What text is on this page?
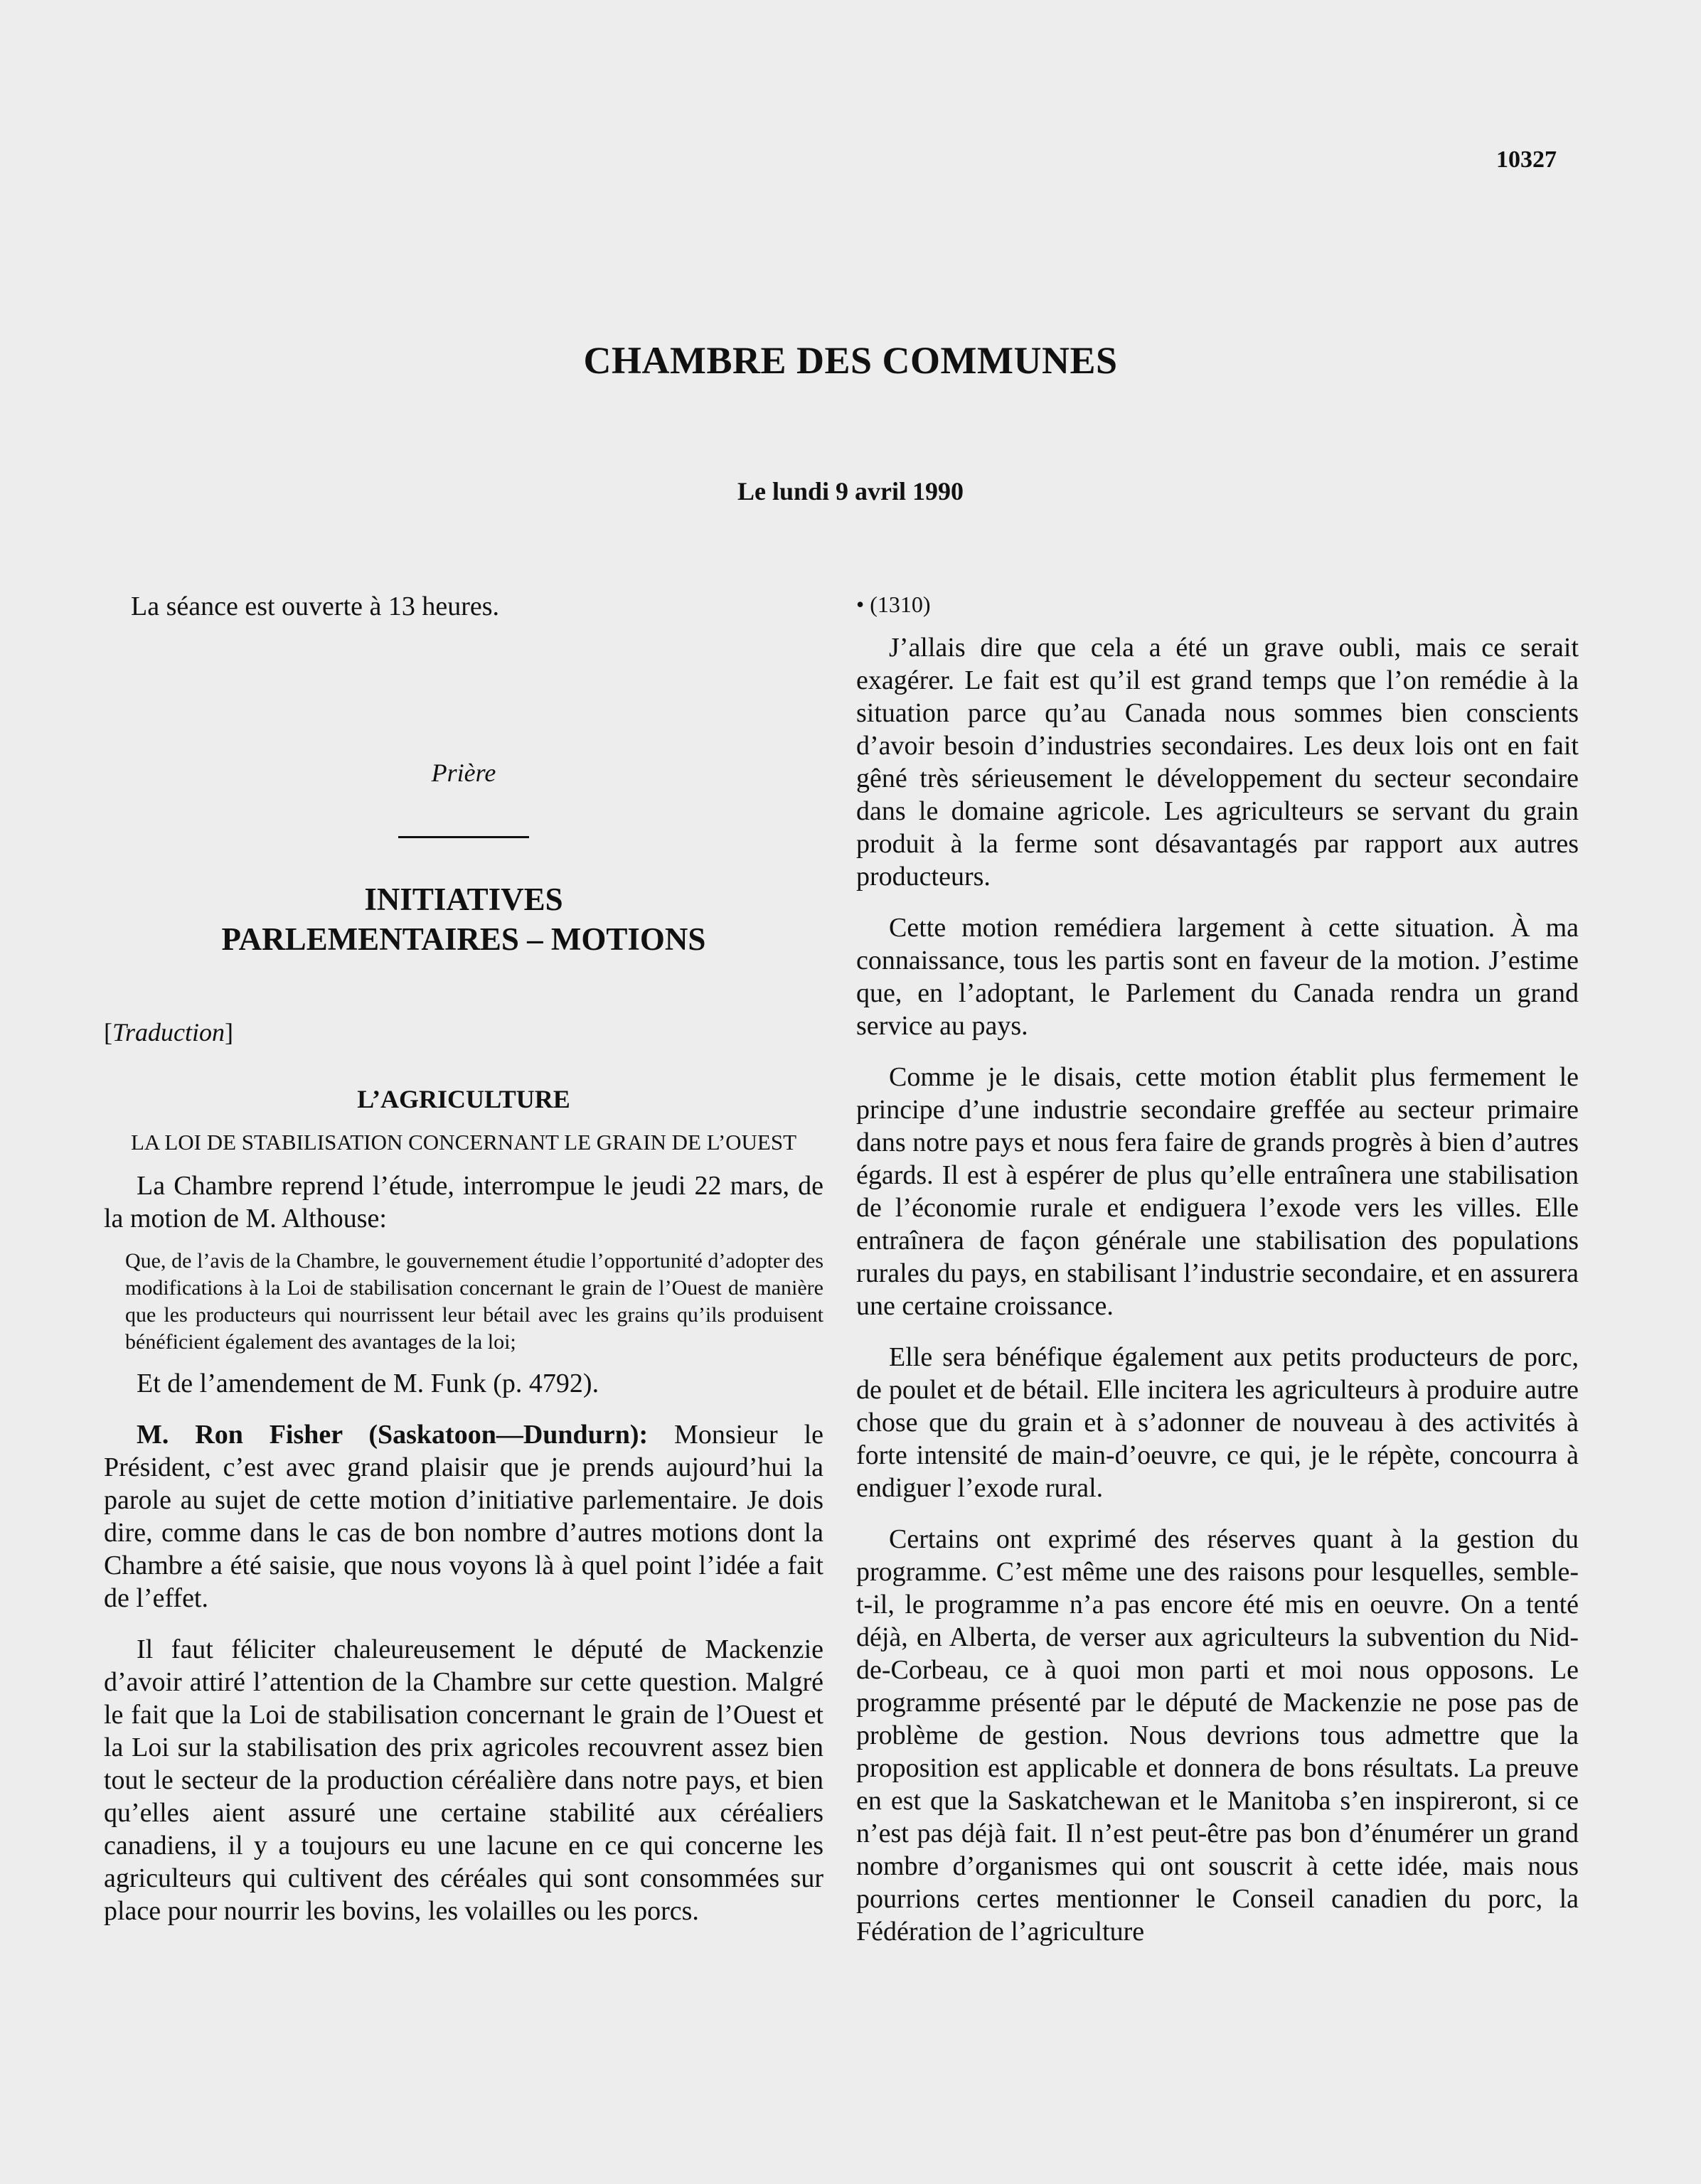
10327
CHAMBRE DES COMMUNES
Le lundi 9 avril 1990

La séance est ouverte à 13 heures.

Prière
INITIATIVES
PARLEMENTAIRES – MOTIONS
[Traduction]
L’AGRICULTURE
LA LOI DE STABILISATION CONCERNANT LE GRAIN DE L’OUEST

La Chambre reprend l’étude, interrompue le jeudi 22 mars, de la motion de M. Althouse:

Que, de l’avis de la Chambre, le gouvernement étudie l’opportunité d’adopter des modifications à la Loi de stabilisation concernant le grain de l’Ouest de manière que les producteurs qui nourrissent leur bétail avec les grains qu’ils produisent bénéficient également des avantages de la loi;

Et de l’amendement de M. Funk (p. 4792).

M. Ron Fisher (Saskatoon—Dundurn): Monsieur le Président, c’est avec grand plaisir que je prends aujourd’hui la parole au sujet de cette motion d’initiative parlementaire. Je dois dire, comme dans le cas de bon nombre d’autres motions dont la Chambre a été saisie, que nous voyons là à quel point l’idée a fait de l’effet.

Il faut féliciter chaleureusement le député de Mackenzie d’avoir attiré l’attention de la Chambre sur cette question. Malgré le fait que la Loi de stabilisation concernant le grain de l’Ouest et la Loi sur la stabilisation des prix agricoles recouvrent assez bien tout le secteur de la production céréalière dans notre pays, et bien qu’elles aient assuré une certaine stabilité aux céréaliers canadiens, il y a toujours eu une lacune en ce qui concerne les agriculteurs qui cultivent des céréales qui sont consommées sur place pour nourrir les bovins, les volailles ou les porcs.

• (1310)

J’allais dire que cela a été un grave oubli, mais ce serait exagérer. Le fait est qu’il est grand temps que l’on remédie à la situation parce qu’au Canada nous sommes bien conscients d’avoir besoin d’industries secondaires. Les deux lois ont en fait gêné très sérieusement le développement du secteur secondaire dans le domaine agricole. Les agriculteurs se servant du grain produit à la ferme sont désavantagés par rapport aux autres producteurs.

Cette motion remédiera largement à cette situation. À ma connaissance, tous les partis sont en faveur de la motion. J’estime que, en l’adoptant, le Parlement du Canada rendra un grand service au pays.

Comme je le disais, cette motion établit plus fermement le principe d’une industrie secondaire greffée au secteur primaire dans notre pays et nous fera faire de grands progrès à bien d’autres égards. Il est à espérer de plus qu’elle entraînera une stabilisation de l’économie rurale et endiguera l’exode vers les villes. Elle entraînera de façon générale une stabilisation des populations rurales du pays, en stabilisant l’industrie secondaire, et en assurera une certaine croissance.

Elle sera bénéfique également aux petits producteurs de porc, de poulet et de bétail. Elle incitera les agriculteurs à produire autre chose que du grain et à s’adonner de nouveau à des activités à forte intensité de main-d’oeuvre, ce qui, je le répète, concourra à endiguer l’exode rural.

Certains ont exprimé des réserves quant à la gestion du programme. C’est même une des raisons pour lesquelles, semble-t-il, le programme n’a pas encore été mis en oeuvre. On a tenté déjà, en Alberta, de verser aux agriculteurs la subvention du Nid-de-Corbeau, ce à quoi mon parti et moi nous opposons. Le programme présenté par le député de Mackenzie ne pose pas de problème de gestion. Nous devrions tous admettre que la proposition est applicable et donnera de bons résultats. La preuve en est que la Saskatchewan et le Manitoba s’en inspireront, si ce n’est pas déjà fait. Il n’est peut-être pas bon d’énumérer un grand nombre d’organismes qui ont souscrit à cette idée, mais nous pourrions certes mentionner le Conseil canadien du porc, la Fédération de l’agriculture
